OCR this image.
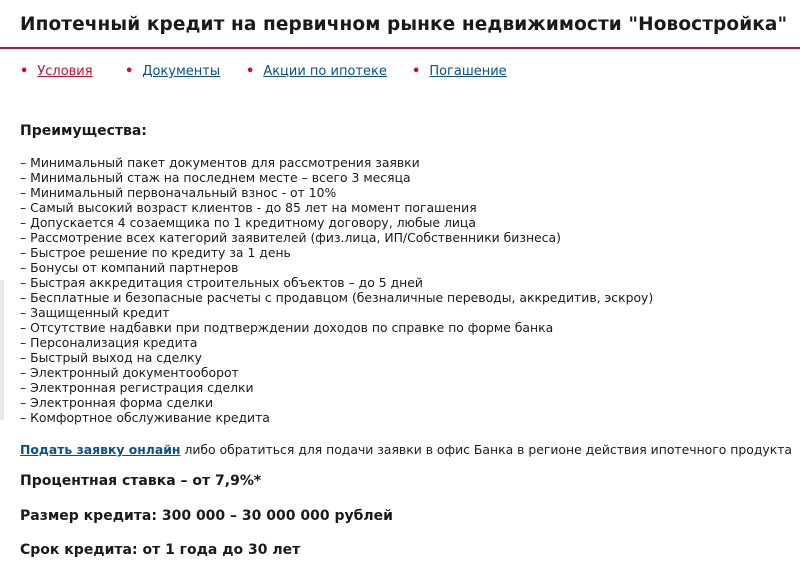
Ипотечный кредит на первичном рынке недвижимости "Новостройка"
• Условия • Документы • Акции по ипотеке • Погашение
Преимущества:
– Минимальный пакет документов для рассмотрения заявки
– Минимальный стаж на последнем месте – всего 3 месяца
– Минимальный первоначальный взнос - от 10%
– Самый высокий возраст клиентов - до 85 лет на момент погашения
– Допускается 4 созаемщика по 1 кредитному договору, любые лица
– Рассмотрение всех категорий заявителей (физ.лица, ИП/Собственники бизнеса)
– Быстрое решение по кредиту за 1 день
– Бонусы от компаний партнеров
– Быстрая аккредитация строительных объектов – до 5 дней
– Бесплатные и безопасные расчеты с продавцом (безналичные переводы, аккредитив, эскроу)
– Защищенный кредит
– Отсутствие надбавки при подтверждении доходов по справке по форме банка
– Персонализация кредита
– Быстрый выход на сделку
– Электронный документооборот
– Электронная регистрация сделки
– Электронная форма сделки
– Комфортное обслуживание кредита
Подать заявку онлайн либо обратиться для подачи заявки в офис Банка в регионе действия ипотечного продукта
Процентная ставка – от 7,9%*
Размер кредита: 300 000 – 30 000 000 рублей
Срок кредита: от 1 года до 30 лет
